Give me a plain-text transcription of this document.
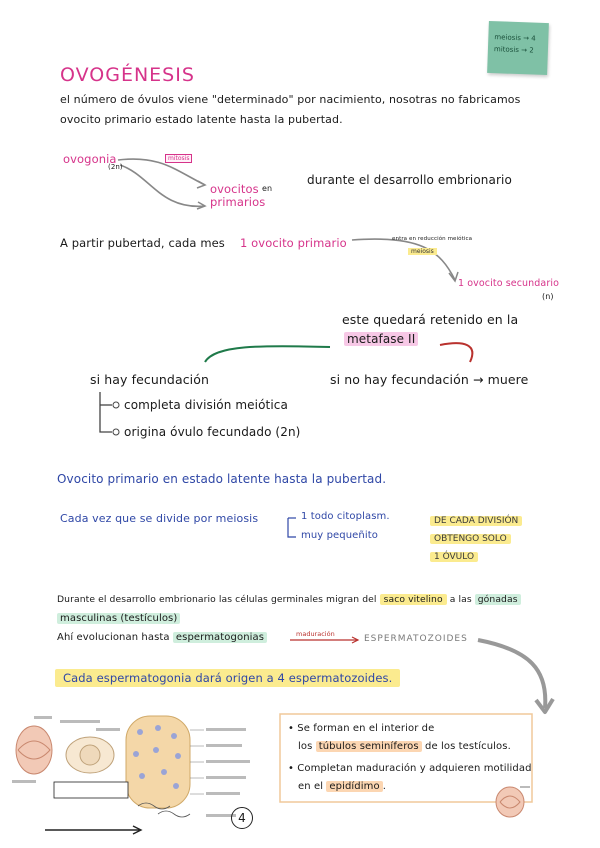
meiosis → 4
mitosis → 2
OVOGÉNESIS
el número de óvulos viene "determinado" por nacimiento, nosotras no fabricamos
ovocito primario estado latente hasta la pubertad.
ovogonia
(2n)
mitosis
ovocitos en
primarios
durante el desarrollo embrionario
A partir pubertad, cada mes 1 ovocito primario	entra en reducción meiótica
meiosis
1 ovocito secundario
(n)
este quedará retenido en la
metafase II
si hay fecundación	si no hay fecundación → muere
completa división meiótica
origina óvulo fecundado (2n)
Ovocito primario en estado latente hasta la pubertad.
Cada vez que se divide por meiosis	1 todo citoplasm.
muy pequeñito
DE CADA DIVISIÓN
OBTENGO SOLO
1 ÓVULO
Durante el desarrollo embrionario las células germinales migran del saco vitelino a las gónadas
masculinas (testículos)
Ahí evolucionan hasta espermatogonias	maduración	ESPERMATOZOIDES
Cada espermatogonia dará origen a 4 espermatozoides.
4
• Se forman en el interior de
los túbulos seminíferos de los testículos.
• Completan maduración y adquieren motilidad
en el epidídimo .
